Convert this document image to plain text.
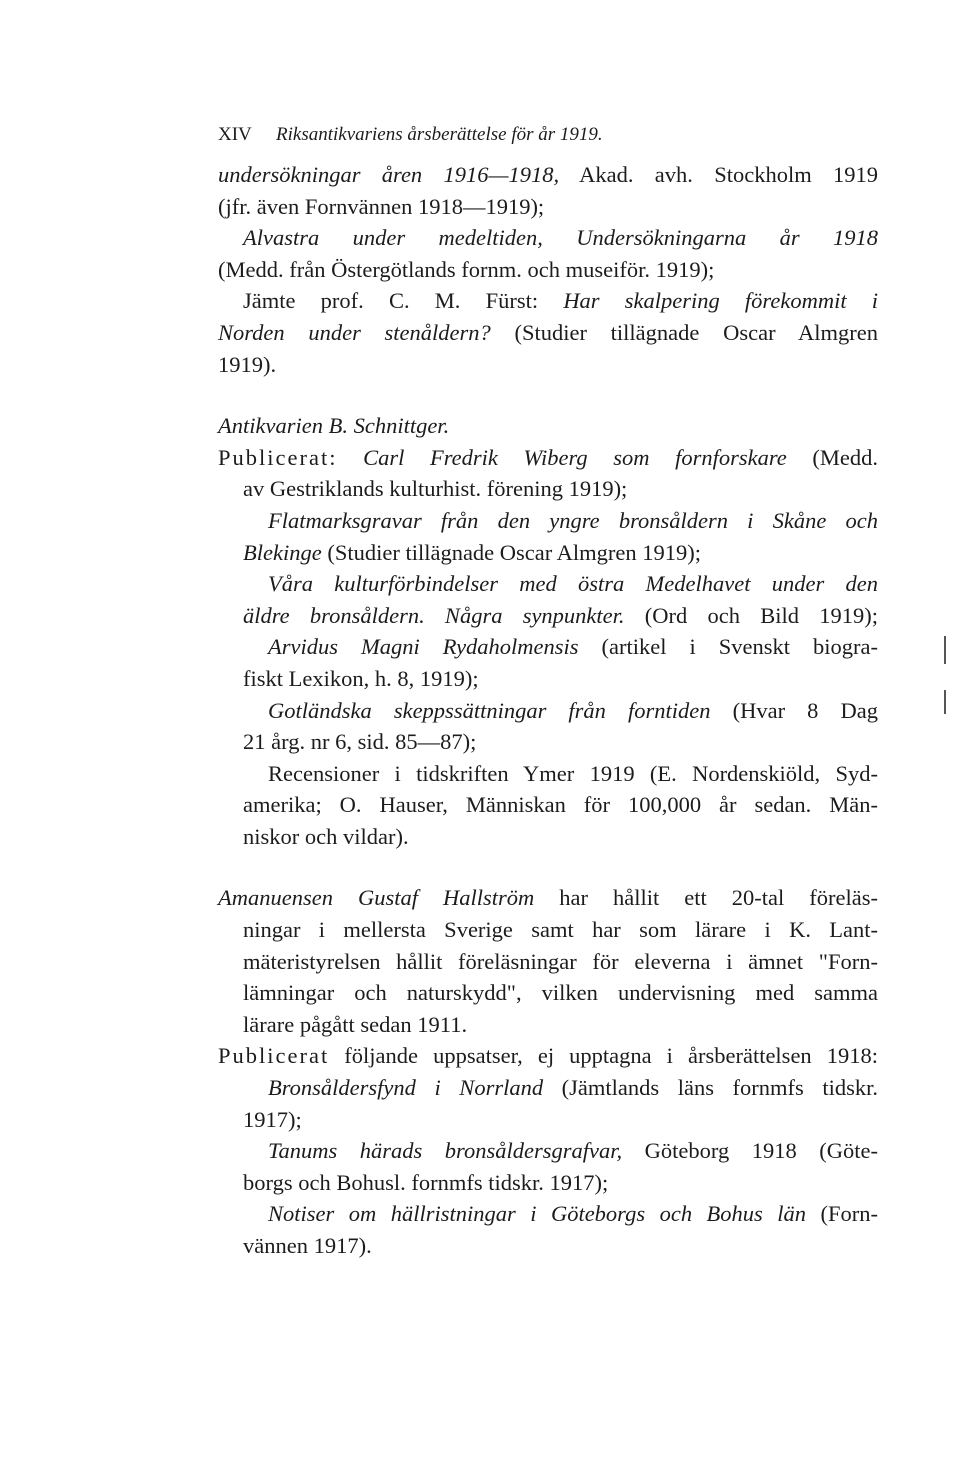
XIV Riksantikvariens årsberättelse för år 1919.
undersökningar åren 1916—1918, Akad. avh. Stockholm 1919
(jfr. även Fornvännen 1918—1919);
Alvastra under medeltiden, Undersökningarna år 1918
(Medd. från Östergötlands fornm. och museiför. 1919);
Jämte prof. C. M. Fürst: Har skalpering förekommit i
Norden under stenåldern? (Studier tillägnade Oscar Almgren
1919).
Antikvarien B. Schnittger.
Publicerat: Carl Fredrik Wiberg som fornforskare (Medd.
av Gestriklands kulturhist. förening 1919);
Flatmarksgravar från den yngre bronsåldern i Skåne och
Blekinge (Studier tillägnade Oscar Almgren 1919);
Våra kulturförbindelser med östra Medelhavet under den
äldre bronsåldern. Några synpunkter. (Ord och Bild 1919);
Arvidus Magni Rydaholmensis (artikel i Svenskt biogra-
fiskt Lexikon, h. 8, 1919);
Gotländska skeppssättningar från forntiden (Hvar 8 Dag
21 årg. nr 6, sid. 85—87);
Recensioner i tidskriften Ymer 1919 (E. Nordenskiöld, Syd-
amerika; O. Hauser, Människan för 100,000 år sedan. Män-
niskor och vildar).
Amanuensen Gustaf Hallström har hållit ett 20-tal föreläs-
ningar i mellersta Sverige samt har som lärare i K. Lant-
mäteristyrelsen hållit föreläsningar för eleverna i ämnet "Forn-
lämningar och naturskydd", vilken undervisning med samma
lärare pågått sedan 1911.
Publicerat följande uppsatser, ej upptagna i årsberättelsen 1918:
Bronsåldersfynd i Norrland (Jämtlands läns fornmfs tidskr.
1917);
Tanums härads bronsåldersgrafvar, Göteborg 1918 (Göte-
borgs och Bohusl. fornmfs tidskr. 1917);
Notiser om hällristningar i Göteborgs och Bohus län (Forn-
vännen 1917).
